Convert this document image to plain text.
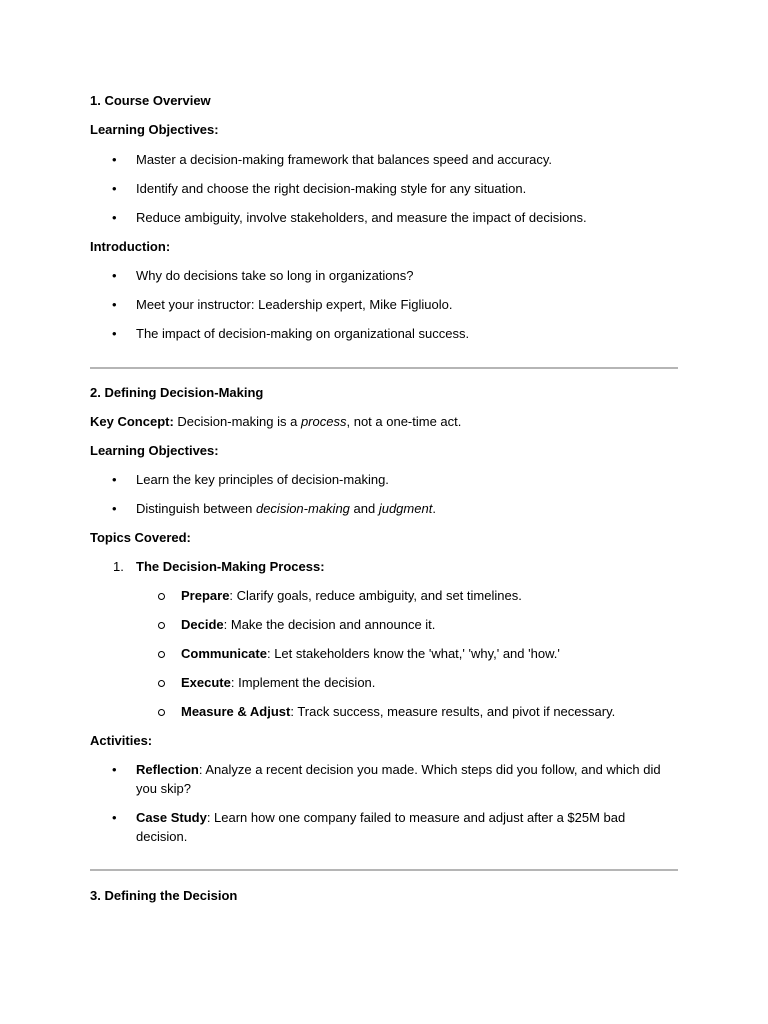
1. Course Overview
Learning Objectives:
• Master a decision-making framework that balances speed and accuracy.
• Identify and choose the right decision-making style for any situation.
• Reduce ambiguity, involve stakeholders, and measure the impact of decisions.
Introduction:
• Why do decisions take so long in organizations?
• Meet your instructor: Leadership expert, Mike Figliuolo.
• The impact of decision-making on organizational success.
2. Defining Decision-Making
Key Concept: Decision-making is a process, not a one-time act.
Learning Objectives:
• Learn the key principles of decision-making.
• Distinguish between decision-making and judgment.
Topics Covered:
1. The Decision-Making Process:
Prepare: Clarify goals, reduce ambiguity, and set timelines.
Decide: Make the decision and announce it.
Communicate: Let stakeholders know the 'what,' 'why,' and 'how.'
Execute: Implement the decision.
Measure & Adjust: Track success, measure results, and pivot if necessary.
Activities:
• Reflection: Analyze a recent decision you made. Which steps did you follow, and which did you skip?
• Case Study: Learn how one company failed to measure and adjust after a $25M bad decision.
3. Defining the Decision
